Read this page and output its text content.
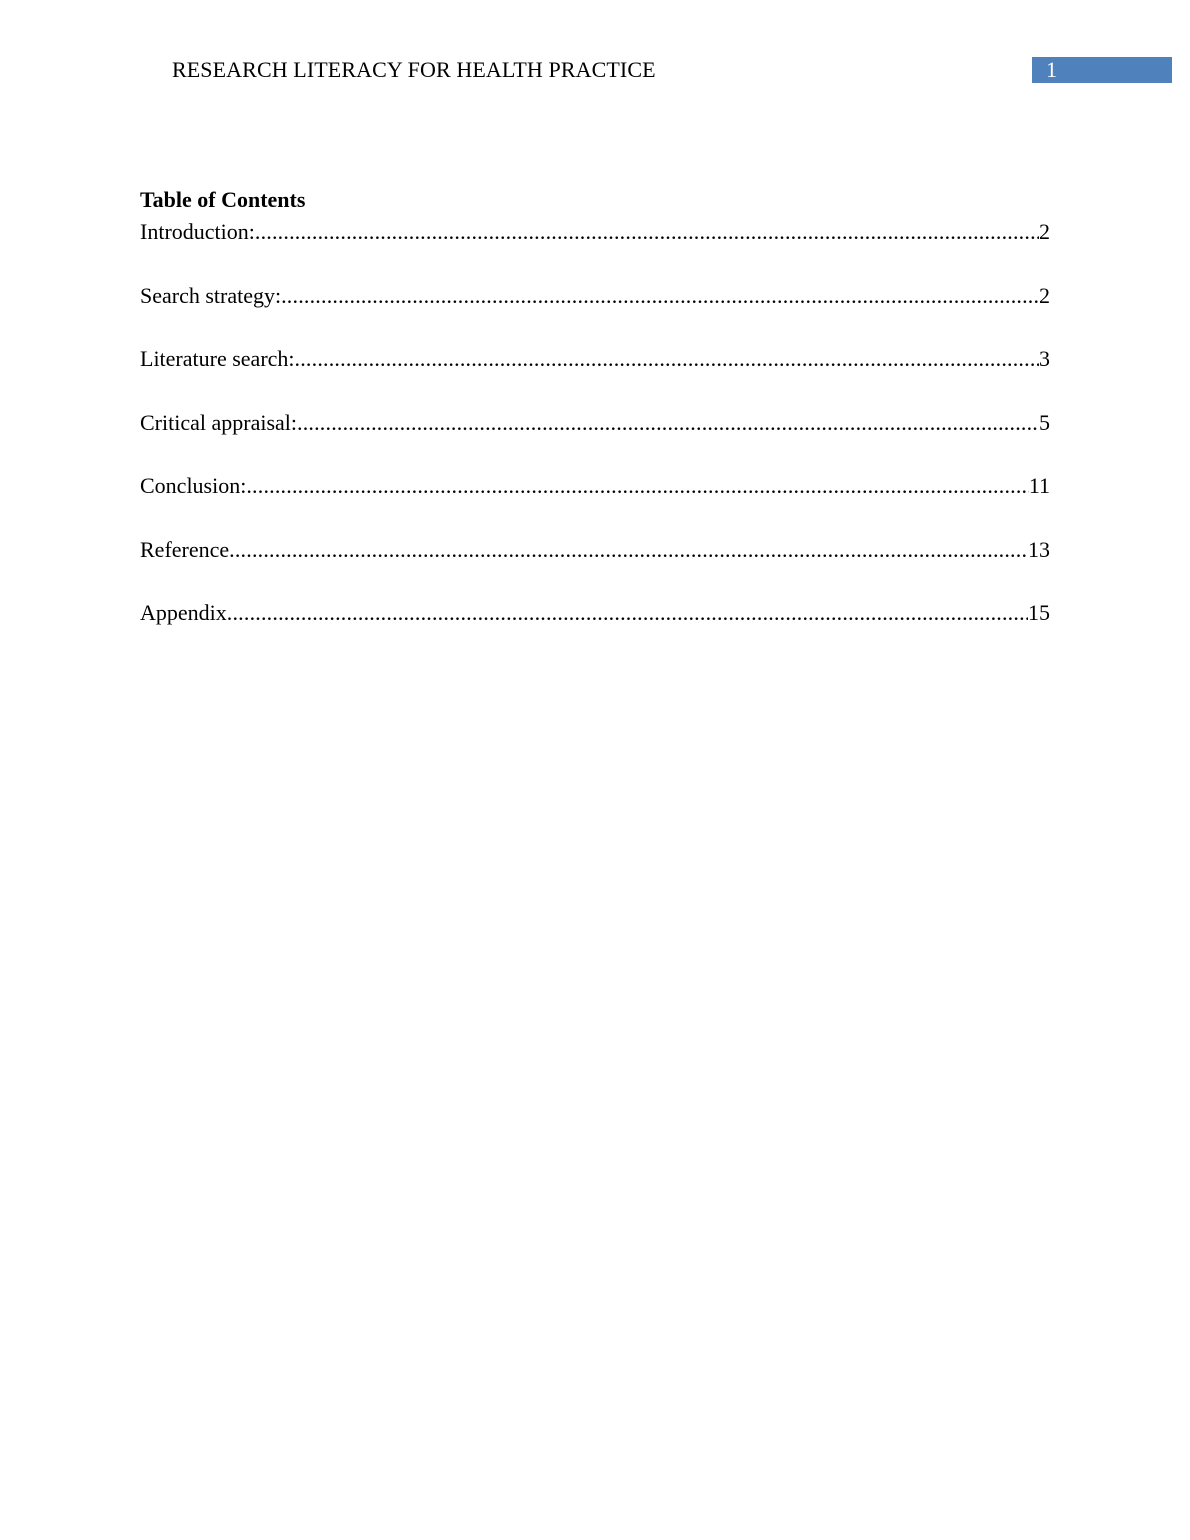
RESEARCH LITERACY FOR HEALTH PRACTICE	1
Table of Contents
Introduction: .....	2
Search strategy: .....	2
Literature search: .....	3
Critical appraisal: .....	5
Conclusion: .....	11
Reference .....	13
Appendix .....	15
